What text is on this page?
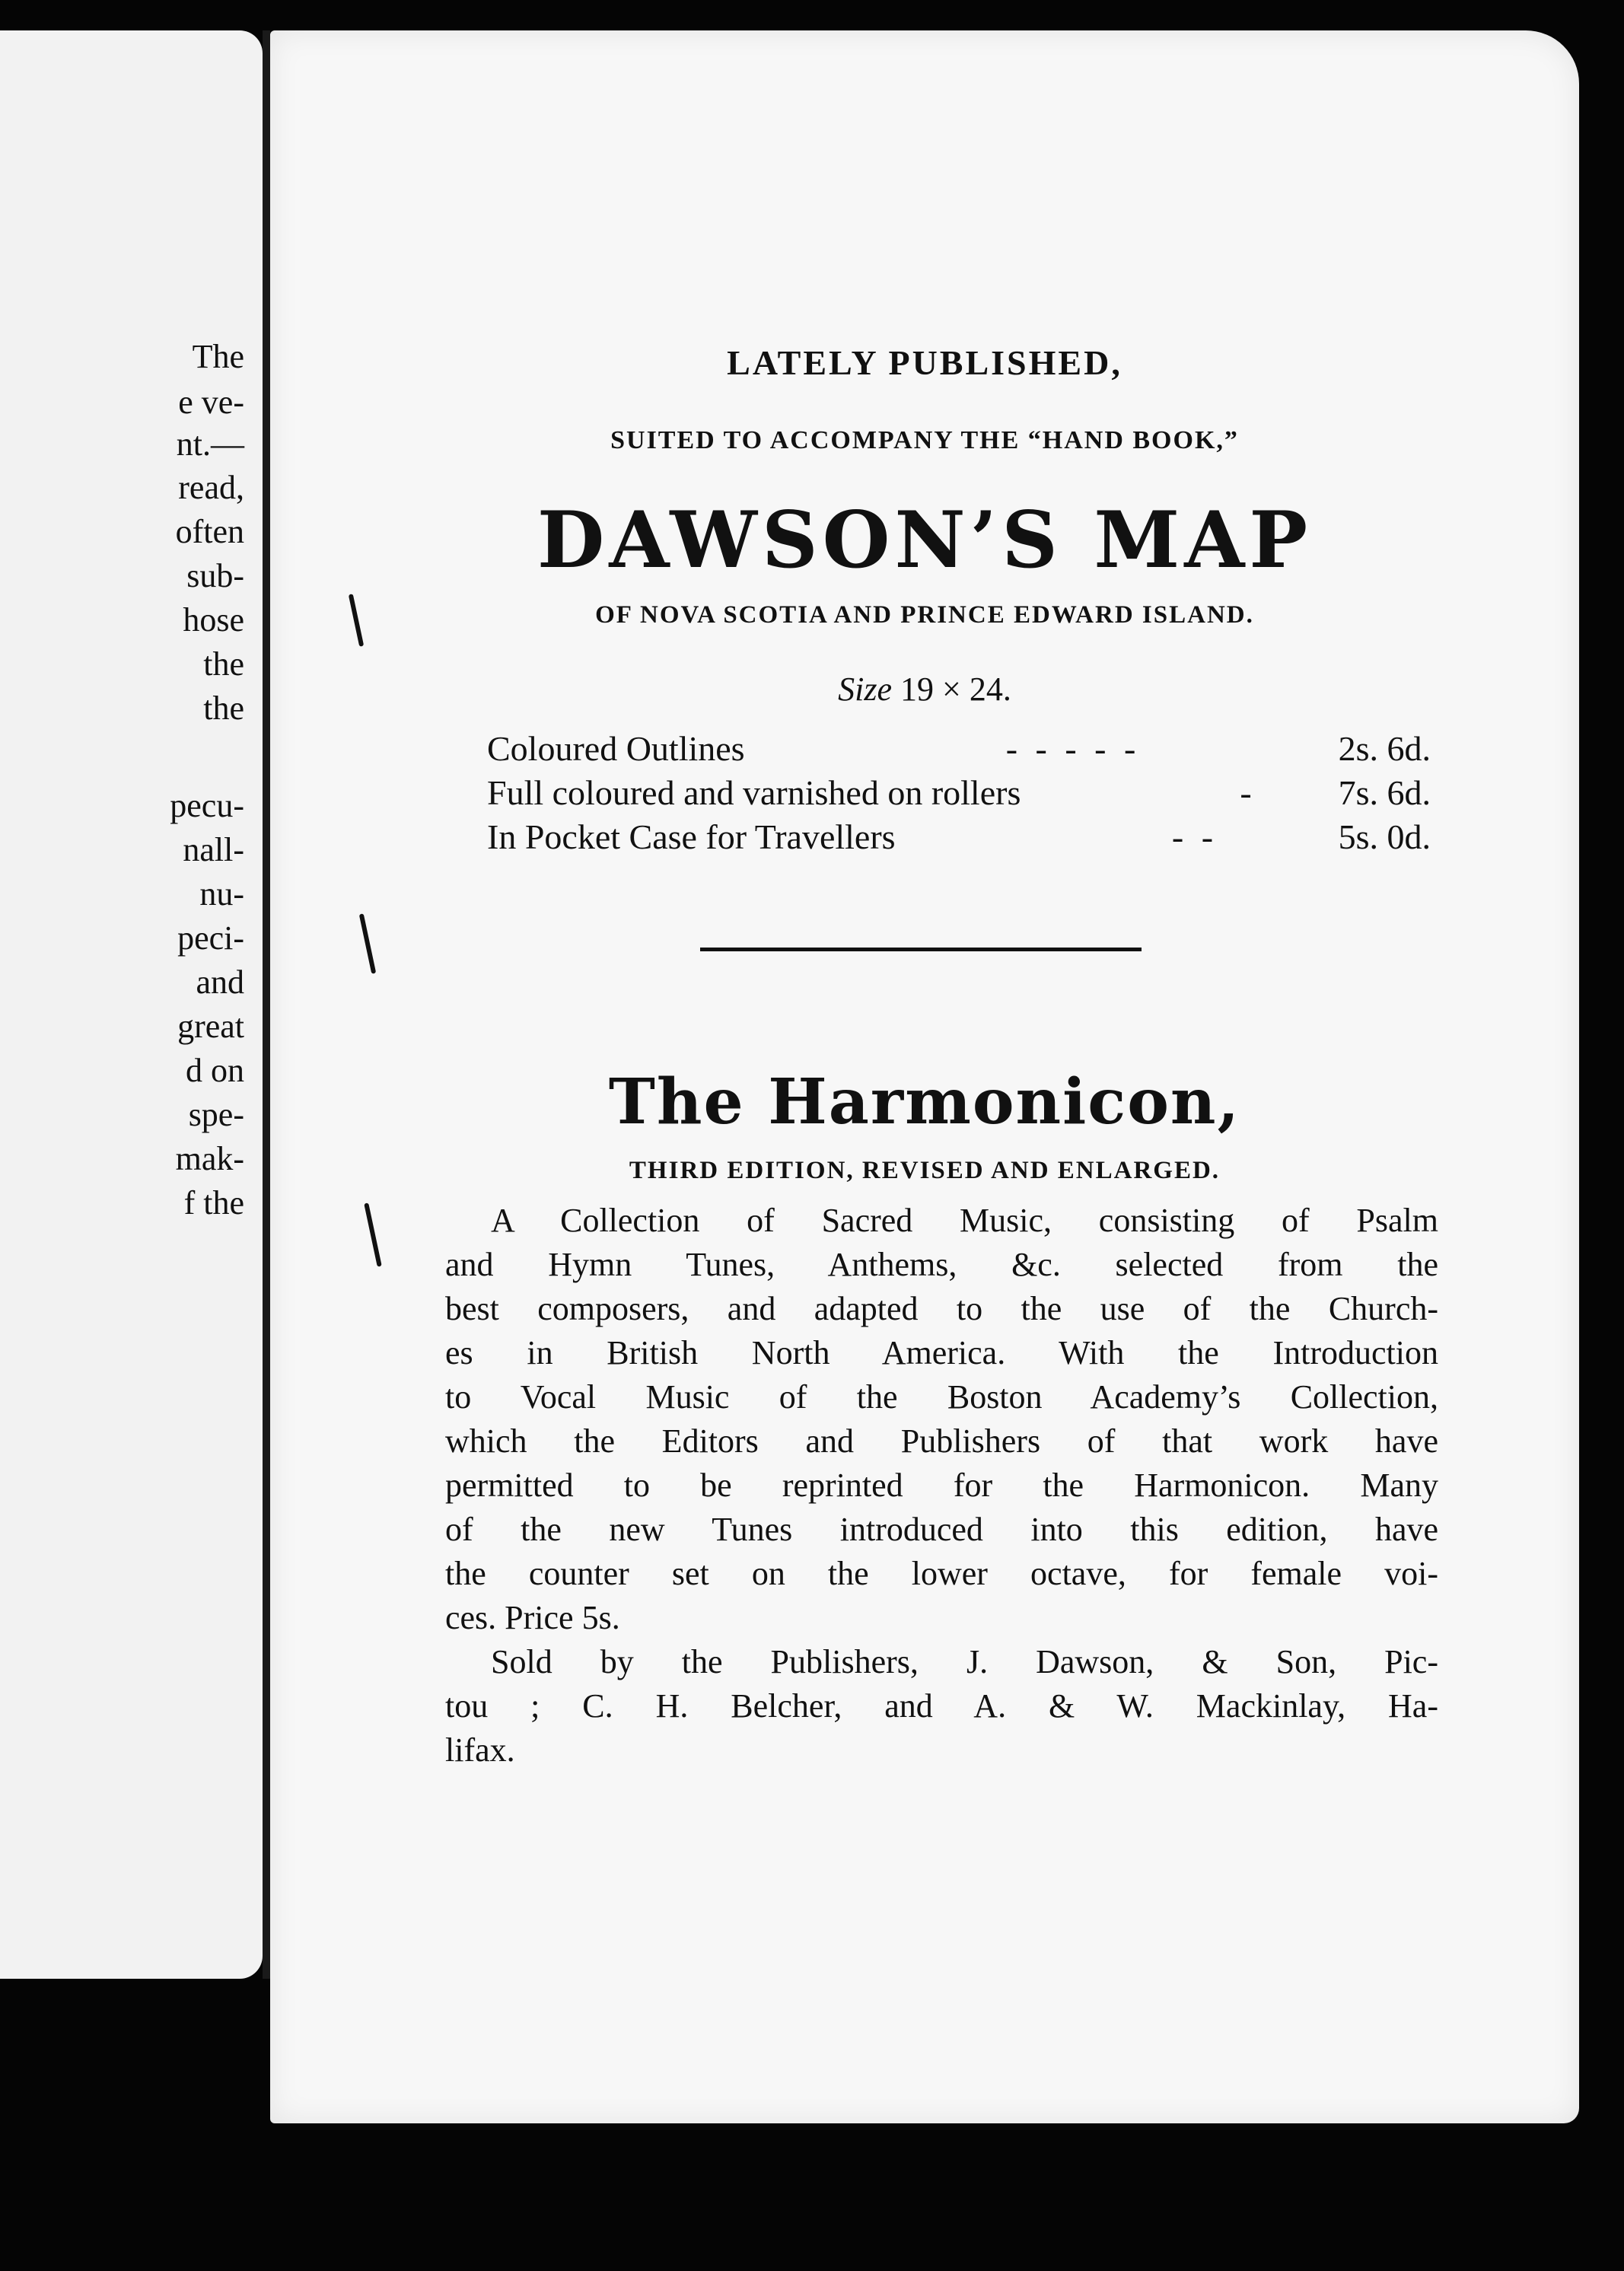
The
e ve-
nt.—
read,
often
sub-
hose
the
the
pecu-
nall-
nu-
peci-
and
great
d on
spe-
mak-
f the
LATELY PUBLISHED,
SUITED TO ACCOMPANY THE “HAND BOOK,”
DAWSON’S MAP
OF NOVA SCOTIA AND PRINCE EDWARD ISLAND.
Size 19 × 24.
Coloured Outlines	- - - - -	2s. 6d.
Full coloured and varnished on rollers	-	7s. 6d.
In Pocket Case for Travellers	- -	5s. 0d.
The Harmonicon,
THIRD EDITION, REVISED AND ENLARGED.
A Collection of Sacred Music, consisting of Psalm
and Hymn Tunes, Anthems, &c. selected from the
best composers, and adapted to the use of the Church-
es in British North America. With the Introduction
to Vocal Music of the Boston Academy’s Collection,
which the Editors and Publishers of that work have
permitted to be reprinted for the Harmonicon. Many
of the new Tunes introduced into this edition, have
the counter set on the lower octave, for female voi-
ces. Price 5s.
Sold by the Publishers, J. Dawson, & Son, Pic-
tou ; C. H. Belcher, and A. & W. Mackinlay, Ha-
lifax.
